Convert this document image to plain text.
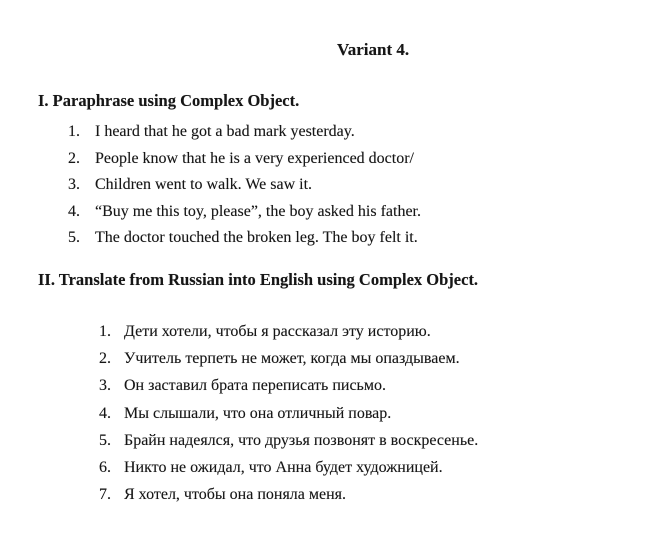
Variant 4.
I. Paraphrase using Complex Object.
I heard that he got a bad mark yesterday.
People know that he is a very experienced doctor/
Children went to walk. We saw it.
“Buy me this toy, please”, the boy asked his father.
The doctor touched the broken leg. The boy felt it.
II. Translate from Russian into English using Complex Object.
Дети хотели, чтобы я рассказал эту историю.
Учитель терпеть не может, когда мы опаздываем.
Он заставил брата переписать письмо.
Мы слышали, что она отличный повар.
Брайн надеялся, что друзья позвонят в воскресенье.
Никто не ожидал, что Анна будет художницей.
Я хотел, чтобы она поняла меня.
